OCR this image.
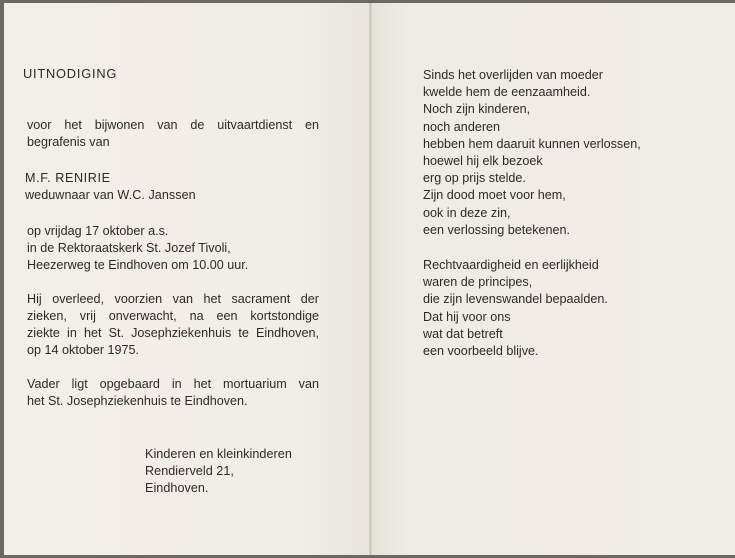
UITNODIGING
voor het bijwonen van de uitvaartdienst en
begrafenis van
M.F. RENIRIE
weduwnaar van W.C. Janssen
op vrijdag 17 oktober a.s.
in de Rektoraatskerk St. Jozef Tivoli,
Heezerweg te Eindhoven om 10.00 uur.
Hij overleed, voorzien van het sacrament der
zieken, vrij onverwacht, na een kortstondige
ziekte in het St. Josephziekenhuis te Eindhoven,
op 14 oktober 1975.
Vader ligt opgebaard in het mortuarium van
het St. Josephziekenhuis te Eindhoven.
Kinderen en kleinkinderen
Rendierveld 21,
Eindhoven.
Sinds het overlijden van moeder
kwelde hem de eenzaamheid.
Noch zijn kinderen,
noch anderen
hebben hem daaruit kunnen verlossen,
hoewel hij elk bezoek
erg op prijs stelde.
Zijn dood moet voor hem,
ook in deze zin,
een verlossing betekenen.
Rechtvaardigheid en eerlijkheid
waren de principes,
die zijn levenswandel bepaalden.
Dat hij voor ons
wat dat betreft
een voorbeeld blijve.
